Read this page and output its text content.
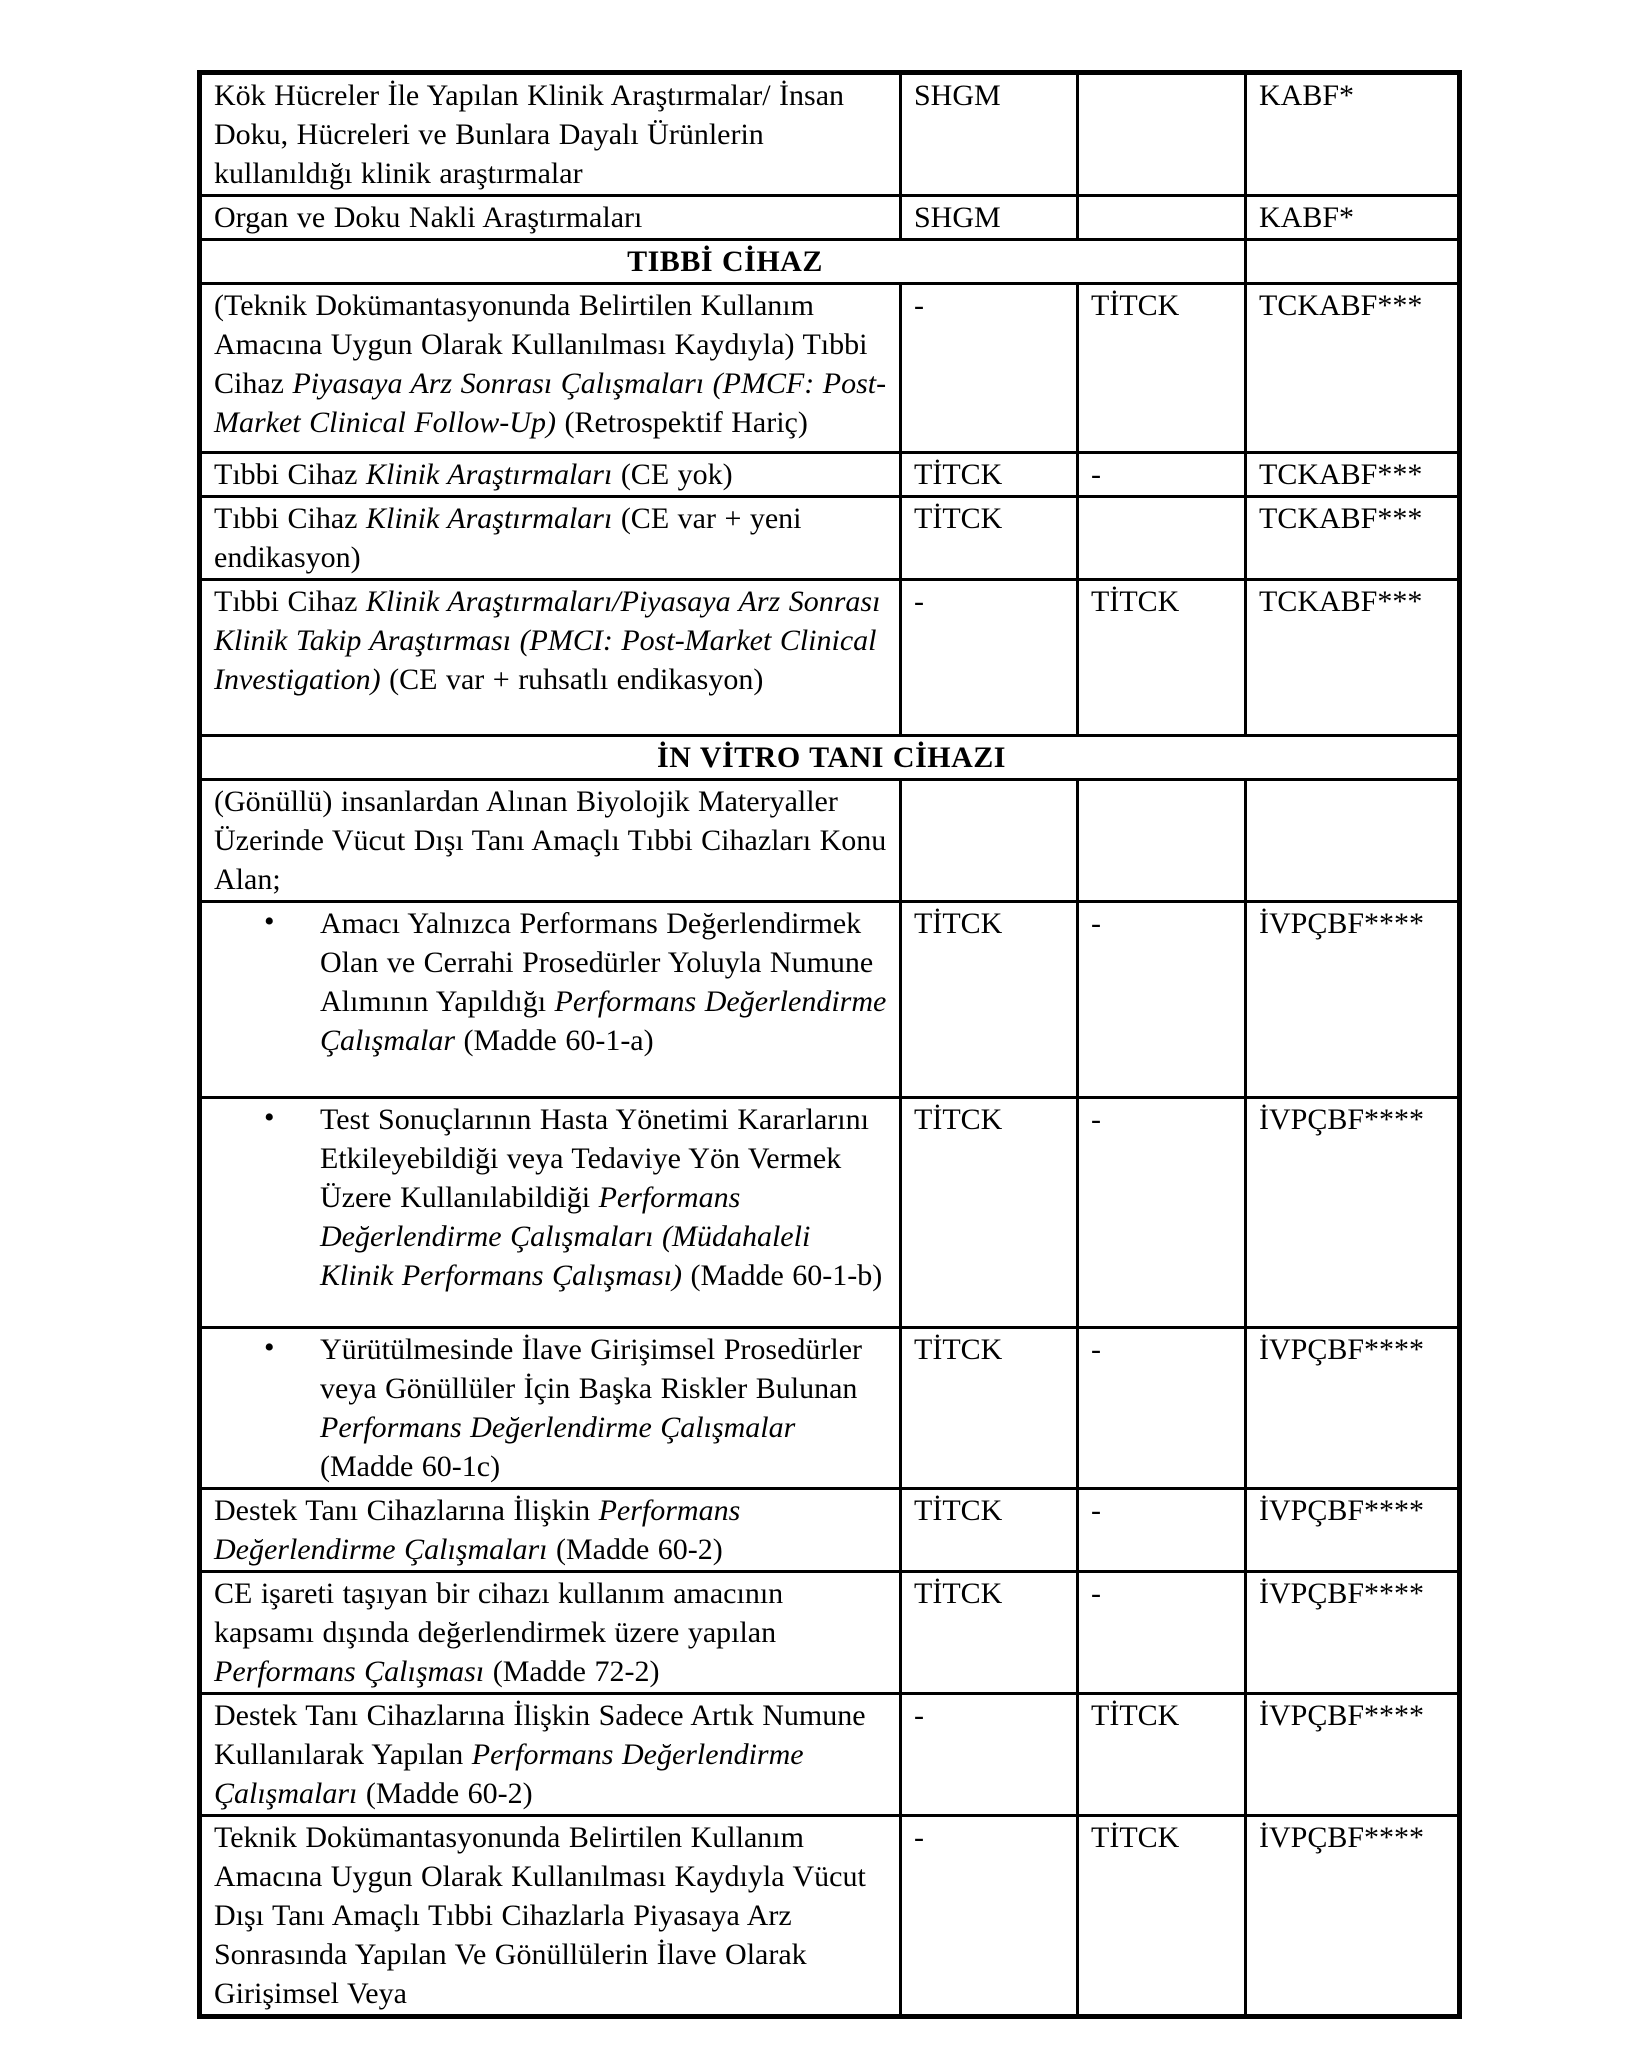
Kök Hücreler İle Yapılan Klinik Araştırmalar/ İnsan Doku, Hücreleri ve Bunlara Dayalı Ürünlerin kullanıldığı klinik araştırmalar	SHGM		KABF*
Organ ve Doku Nakli Araştırmaları	SHGM		KABF*
TIBBİ CİHAZ			
(Teknik Dokümantasyonunda Belirtilen Kullanım Amacına Uygun Olarak Kullanılması Kaydıyla) Tıbbi Cihaz Piyasaya Arz Sonrası Çalışmaları (PMCF: Post-Market Clinical Follow-Up) (Retrospektif Hariç)	-	TİTCK	TCKABF***
Tıbbi Cihaz Klinik Araştırmaları (CE yok)	TİTCK	-	TCKABF***
Tıbbi Cihaz Klinik Araştırmaları (CE var + yeni endikasyon)	TİTCK		TCKABF***
Tıbbi Cihaz Klinik Araştırmaları/Piyasaya Arz Sonrası Klinik Takip Araştırması (PMCI: Post-Market Clinical Investigation) (CE var + ruhsatlı endikasyon)	-	TİTCK	TCKABF***
İN VİTRO TANI CİHAZI			
(Gönüllü) insanlardan Alınan Biyolojik Materyaller Üzerinde Vücut Dışı Tanı Amaçlı Tıbbi Cihazları Konu Alan;			

• Amacı Yalnızca Performans Değerlendirmek Olan ve Cerrahi Prosedürler Yoluyla Numune Alımının Yapıldığı Performans Değerlendirme Çalışmalar (Madde 60-1-a)	TİTCK	-	İVPÇBF****

• Test Sonuçlarının Hasta Yönetimi Kararlarını Etkileyebildiği veya Tedaviye Yön Vermek Üzere Kullanılabildiği Performans Değerlendirme Çalışmaları (Müdahaleli Klinik Performans Çalışması) (Madde 60-1-b)	TİTCK	-	İVPÇBF****

• Yürütülmesinde İlave Girişimsel Prosedürler veya Gönüllüler İçin Başka Riskler Bulunan Performans Değerlendirme Çalışmalar (Madde 60-1c)	TİTCK	-	İVPÇBF****
Destek Tanı Cihazlarına İlişkin Performans Değerlendirme Çalışmaları (Madde 60-2)	TİTCK	-	İVPÇBF****
CE işareti taşıyan bir cihazı kullanım amacının kapsamı dışında değerlendirmek üzere yapılan Performans Çalışması (Madde 72-2)	TİTCK	-	İVPÇBF****
Destek Tanı Cihazlarına İlişkin Sadece Artık Numune Kullanılarak Yapılan Performans Değerlendirme Çalışmaları (Madde 60-2)	-	TİTCK	İVPÇBF****
Teknik Dokümantasyonunda Belirtilen Kullanım Amacına Uygun Olarak Kullanılması Kaydıyla Vücut Dışı Tanı Amaçlı Tıbbi Cihazlarla Piyasaya Arz Sonrasında Yapılan Ve Gönüllülerin İlave Olarak Girişimsel Veya	-	TİTCK	İVPÇBF****
